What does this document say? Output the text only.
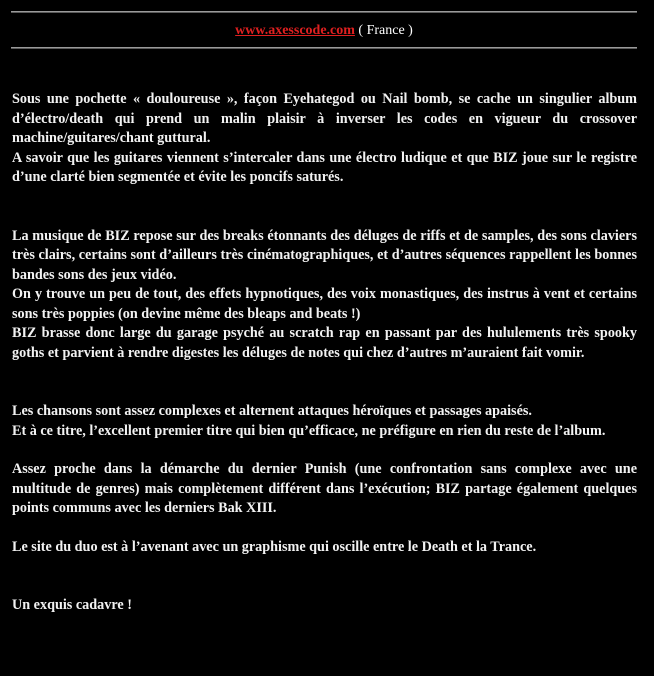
www.axesscode.com ( France )

Sous une pochette « douloureuse », façon Eyehategod ou Nail bomb, se cache un singulier album d’électro/death qui prend un malin plaisir à inverser les codes en vigueur du crossover machine/guitares/chant guttural.

A savoir que les guitares viennent s’intercaler dans une électro ludique et que BIZ joue sur le registre d’une clarté bien segmentée et évite les poncifs saturés.

La musique de BIZ repose sur des breaks étonnants des déluges de riffs et de samples, des sons claviers très clairs, certains sont d’ailleurs très cinématographiques, et d’autres séquences rappellent les bonnes bandes sons des jeux vidéo.

On y trouve un peu de tout, des effets hypnotiques, des voix monastiques, des instrus à vent et certains sons très poppies (on devine même des bleaps and beats !)

BIZ brasse donc large du garage psyché au scratch rap en passant par des hululements très spooky goths et parvient à rendre digestes les déluges de notes qui chez d’autres m’auraient fait vomir.

Les chansons sont assez complexes et alternent attaques héroïques et passages apaisés.

Et à ce titre, l’excellent premier titre qui bien qu’efficace, ne préfigure en rien du reste de l’album.

Assez proche dans la démarche du dernier Punish (une confrontation sans complexe avec une multitude de genres) mais complètement différent dans l’exécution; BIZ partage également quelques points communs avec les derniers Bak XIII.

Le site du duo est à l’avenant avec un graphisme qui oscille entre le Death et la Trance.

Un exquis cadavre !
